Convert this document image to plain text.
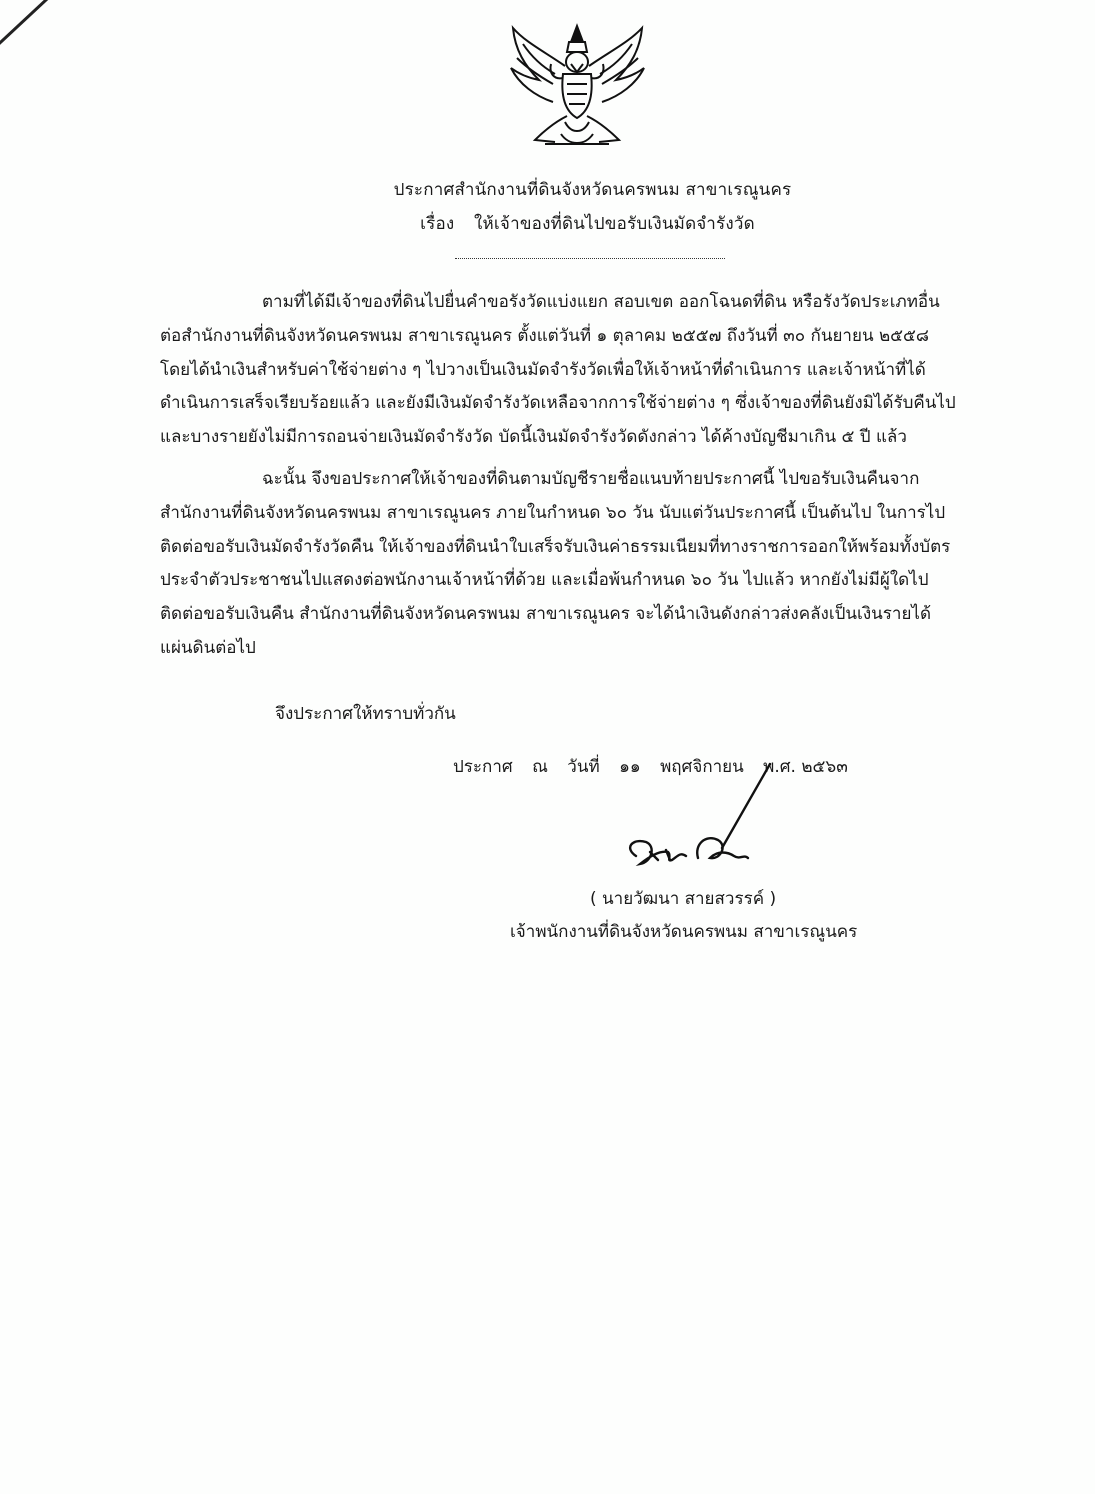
ประกาศสำนักงานที่ดินจังหวัดนครพนม สาขาเรณูนคร
เรื่อง ให้เจ้าของที่ดินไปขอรับเงินมัดจำรังวัด
ตามที่ได้มีเจ้าของที่ดินไปยื่นคำขอรังวัดแบ่งแยก สอบเขต ออกโฉนดที่ดิน หรือรังวัดประเภทอื่น
ต่อสำนักงานที่ดินจังหวัดนครพนม สาขาเรณูนคร ตั้งแต่วันที่ ๑ ตุลาคม ๒๕๕๗ ถึงวันที่ ๓๐ กันยายน ๒๕๕๘
โดยได้นำเงินสำหรับค่าใช้จ่ายต่าง ๆ ไปวางเป็นเงินมัดจำรังวัดเพื่อให้เจ้าหน้าที่ดำเนินการ และเจ้าหน้าที่ได้
ดำเนินการเสร็จเรียบร้อยแล้ว และยังมีเงินมัดจำรังวัดเหลือจากการใช้จ่ายต่าง ๆ ซึ่งเจ้าของที่ดินยังมิได้รับคืนไป
และบางรายยังไม่มีการถอนจ่ายเงินมัดจำรังวัด บัดนี้เงินมัดจำรังวัดดังกล่าว ได้ค้างบัญชีมาเกิน ๕ ปี แล้ว
ฉะนั้น จึงขอประกาศให้เจ้าของที่ดินตามบัญชีรายชื่อแนบท้ายประกาศนี้ ไปขอรับเงินคืนจาก
สำนักงานที่ดินจังหวัดนครพนม สาขาเรณูนคร ภายในกำหนด ๖๐ วัน นับแต่วันประกาศนี้ เป็นต้นไป ในการไป
ติดต่อขอรับเงินมัดจำรังวัดคืน ให้เจ้าของที่ดินนำใบเสร็จรับเงินค่าธรรมเนียมที่ทางราชการออกให้พร้อมทั้งบัตร
ประจำตัวประชาชนไปแสดงต่อพนักงานเจ้าหน้าที่ด้วย และเมื่อพ้นกำหนด ๖๐ วัน ไปแล้ว หากยังไม่มีผู้ใดไป
ติดต่อขอรับเงินคืน สำนักงานที่ดินจังหวัดนครพนม สาขาเรณูนคร จะได้นำเงินดังกล่าวส่งคลังเป็นเงินรายได้
แผ่นดินต่อไป
จึงประกาศให้ทราบทั่วกัน
ประกาศ ณ วันที่ ๑๑ พฤศจิกายน พ.ศ. ๒๕๖๓
( นายวัฒนา สายสวรรค์ )
เจ้าพนักงานที่ดินจังหวัดนครพนม สาขาเรณูนคร
